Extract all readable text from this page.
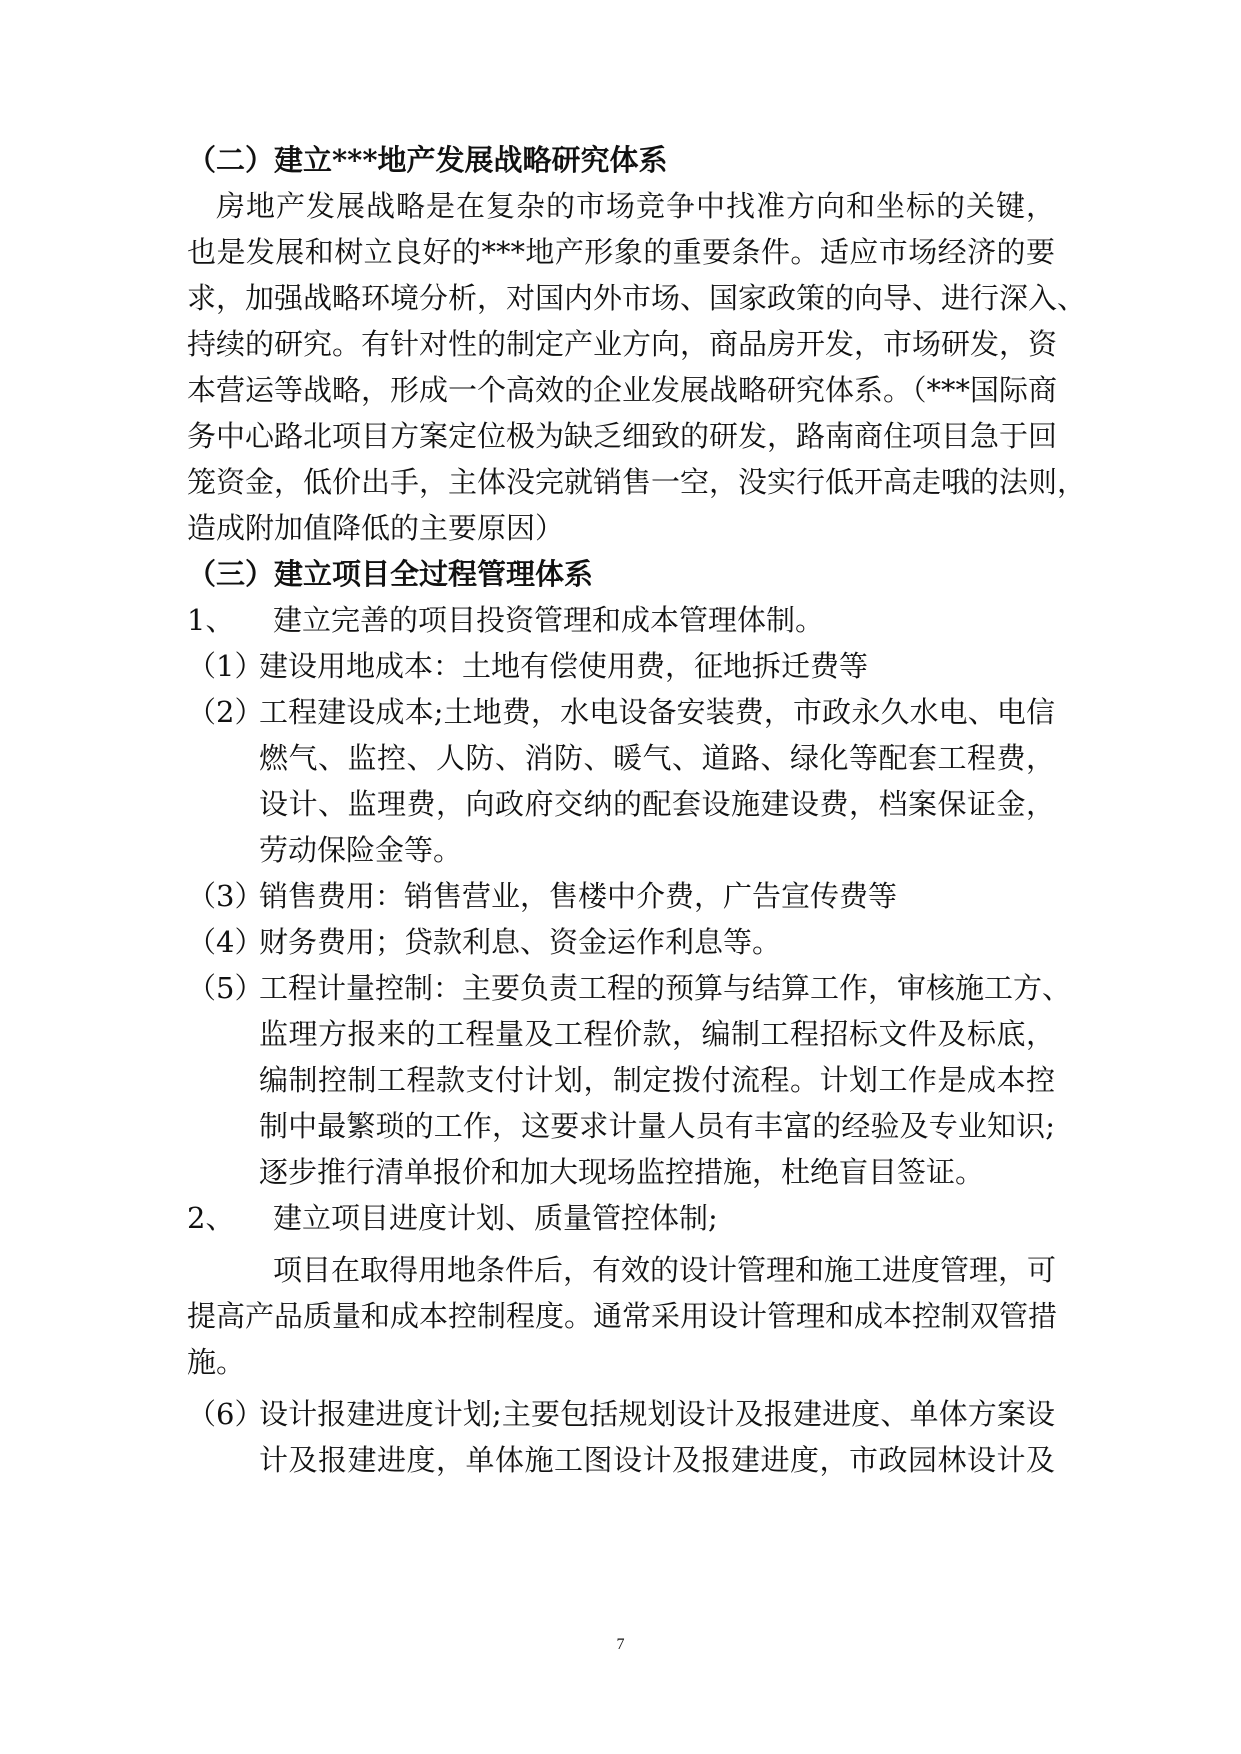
（二）建立***地产发展战略研究体系
房地产发展战略是在复杂的市场竞争中找准方向和坐标的关键，
也是发展和树立良好的***地产形象的重要条件。适应市场经济的要
求，加强战略环境分析，对国内外市场、国家政策的向导、进行深入、
持续的研究。有针对性的制定产业方向，商品房开发，市场研发，资
本营运等战略，形成一个高效的企业发展战略研究体系。（***国际商
务中心路北项目方案定位极为缺乏细致的研发，路南商住项目急于回
笼资金，低价出手，主体没完就销售一空，没实行低开高走哦的法则，
造成附加值降低的主要原因）
（三）建立项目全过程管理体系
1、 建立完善的项目投资管理和成本管理体制。
（1）
建设用地成本：土地有偿使用费，征地拆迁费等
（2）
工程建设成本;土地费，水电设备安装费，市政永久水电、电信
燃气、监控、人防、消防、暖气、道路、绿化等配套工程费，
设计、监理费，向政府交纳的配套设施建设费，档案保证金，
劳动保险金等。
（3）
销售费用：销售营业，售楼中介费，广告宣传费等
（4）
财务费用；贷款利息、资金运作利息等。
（5）
工程计量控制：主要负责工程的预算与结算工作，审核施工方、
监理方报来的工程量及工程价款，编制工程招标文件及标底，
编制控制工程款支付计划，制定拨付流程。计划工作是成本控
制中最繁琐的工作，这要求计量人员有丰富的经验及专业知识;
逐步推行清单报价和加大现场监控措施，杜绝盲目签证。
2、 建立项目进度计划、质量管控体制;
项目在取得用地条件后，有效的设计管理和施工进度管理，可
提高产品质量和成本控制程度。通常采用设计管理和成本控制双管措
施。
（6）
设计报建进度计划;主要包括规划设计及报建进度、单体方案设
计及报建进度，单体施工图设计及报建进度，市政园林设计及
7
